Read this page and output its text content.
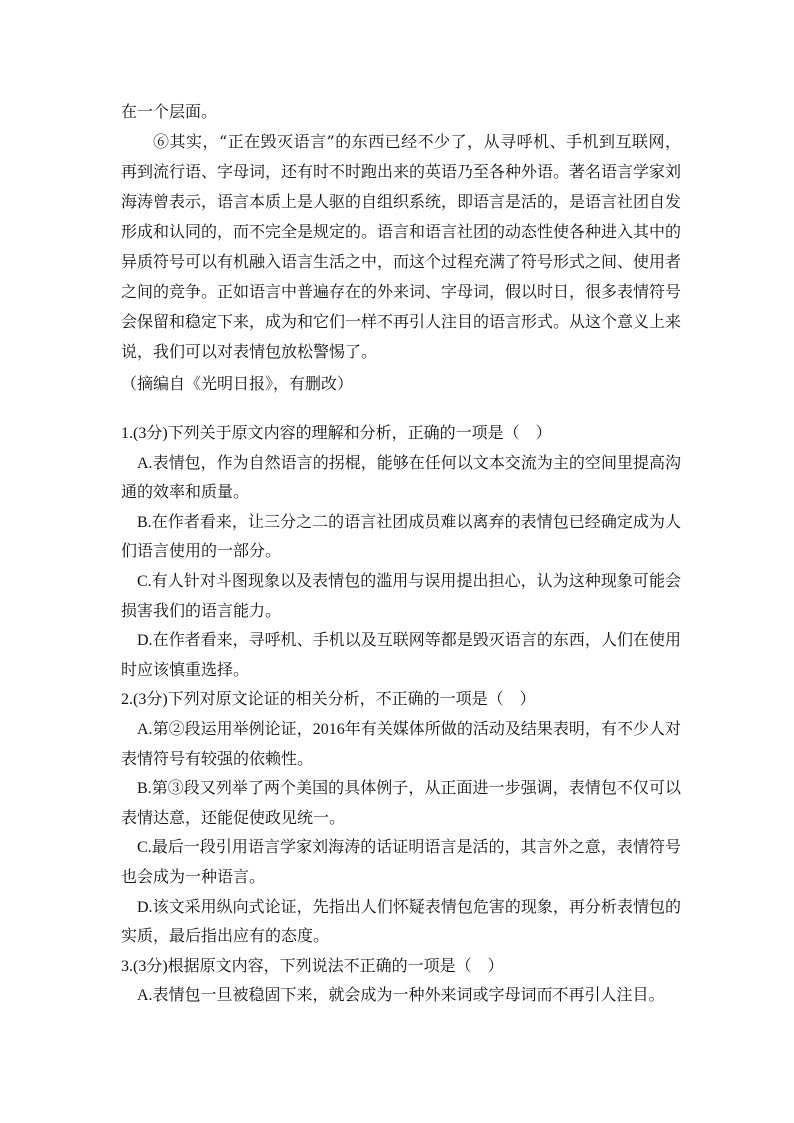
在一个层面。

⑥其实，“正在毁灭语言”的东西已经不少了，从寻呼机、手机到互联网，再到流行语、字母词，还有时不时跑出来的英语乃至各种外语。著名语言学家刘海涛曾表示，语言本质上是人驱的自组织系统，即语言是活的，是语言社团自发形成和认同的，而不完全是规定的。语言和语言社团的动态性使各种进入其中的异质符号可以有机融入语言生活之中，而这个过程充满了符号形式之间、使用者之间的竞争。正如语言中普遍存在的外来词、字母词，假以时日，很多表情符号会保留和稳定下来，成为和它们一样不再引人注目的语言形式。从这个意义上来说，我们可以对表情包放松警惕了。

（摘编自《光明日报》，有删改）

1.(3分)下列关于原文内容的理解和分析，正确的一项是（　）

A.表情包，作为自然语言的拐棍，能够在任何以文本交流为主的空间里提高沟通的效率和质量。

B.在作者看来，让三分之二的语言社团成员难以离弃的表情包已经确定成为人们语言使用的一部分。

C.有人针对斗图现象以及表情包的滥用与误用提出担心，认为这种现象可能会损害我们的语言能力。

D.在作者看来，寻呼机、手机以及互联网等都是毁灭语言的东西，人们在使用时应该慎重选择。

2.(3分)下列对原文论证的相关分析，不正确的一项是（　）

A.第②段运用举例论证，2016年有关媒体所做的活动及结果表明，有不少人对表情符号有较强的依赖性。

B.第③段又列举了两个美国的具体例子，从正面进一步强调，表情包不仅可以表情达意，还能促使政见统一。

C.最后一段引用语言学家刘海涛的话证明语言是活的，其言外之意，表情符号也会成为一种语言。

D.该文采用纵向式论证，先指出人们怀疑表情包危害的现象，再分析表情包的实质，最后指出应有的态度。

3.(3分)根据原文内容，下列说法不正确的一项是（　）

A.表情包一旦被稳固下来，就会成为一种外来词或字母词而不再引人注目。
